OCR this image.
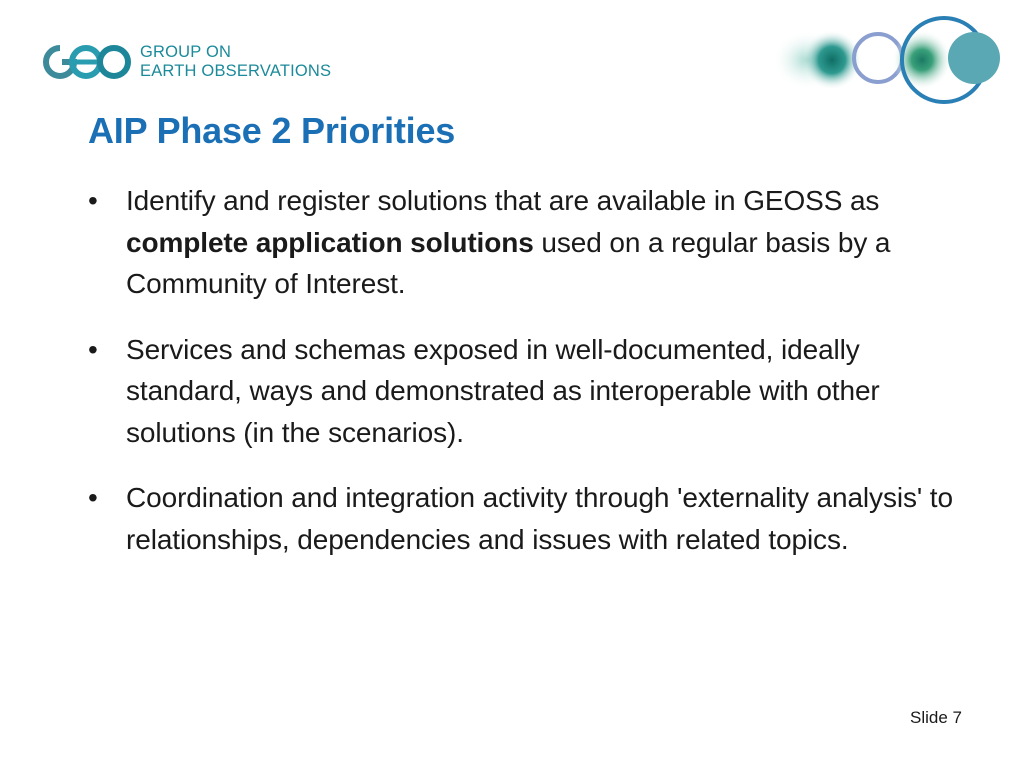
GROUP ON
EARTH OBSERVATIONS
AIP Phase 2 Priorities
•	Identify and register solutions that are available in GEOSS as complete application solutions used on a regular basis by a Community of Interest.
•	Services and schemas exposed in well-documented, ideally standard, ways and demonstrated as interoperable with other solutions (in the scenarios).
•	Coordination and integration activity through 'externality analysis' to relationships, dependencies and issues with related topics.
Slide 7
